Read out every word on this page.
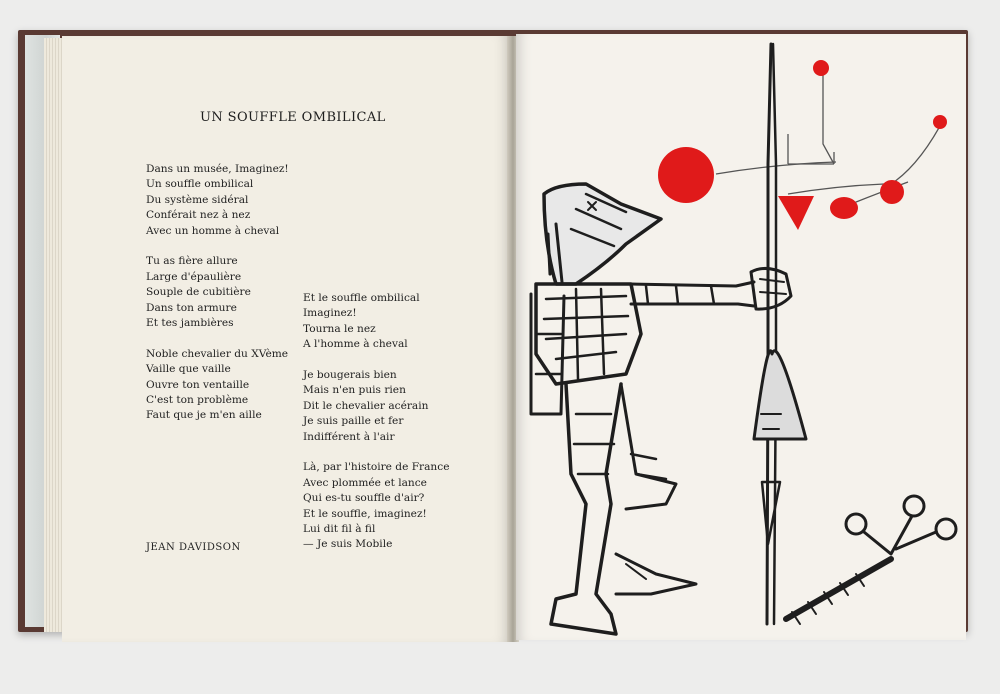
UN SOUFFLE OMBILICAL
Dans un musée, Imaginez!
Un souffle ombilical
Du système sidéral
Conférait nez à nez
Avec un homme à cheval
Tu as fière allure
Large d'épaulière
Souple de cubitière
Dans ton armure
Et tes jambières
Noble chevalier du XVème
Vaille que vaille
Ouvre ton ventaille
C'est ton problème
Faut que je m'en aille
Et le souffle ombilical
Imaginez!
Tourna le nez
A l'homme à cheval
Je bougerais bien
Mais n'en puis rien
Dit le chevalier acérain
Je suis paille et fer
Indifférent à l'air
Là, par l'histoire de France
Avec plommée et lance
Qui es-tu souffle d'air?
Et le souffle, imaginez!
Lui dit fil à fil
— Je suis Mobile
JEAN DAVIDSON
